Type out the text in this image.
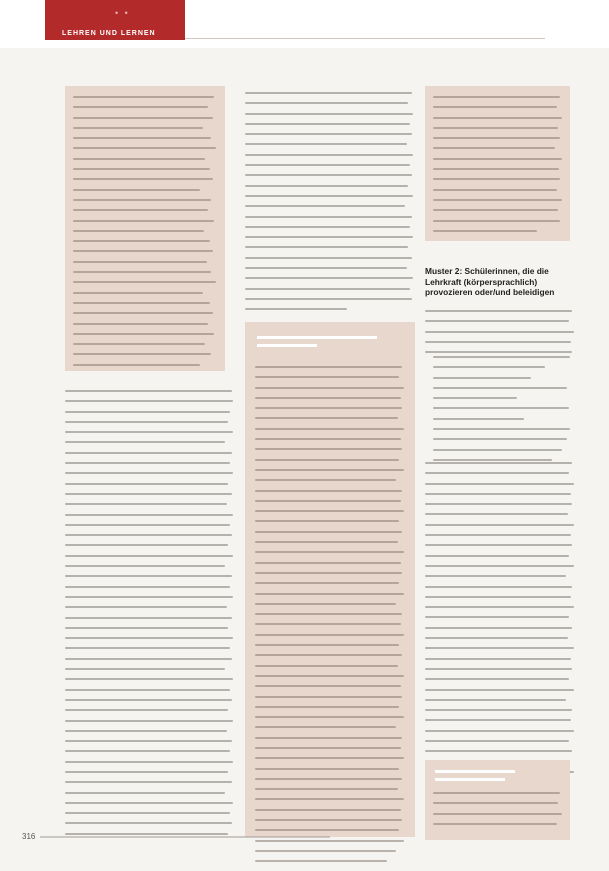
• •
LEHREN UND LERNEN
Muster 2: Schülerinnen, die die Lehrkraft (körpersprachlich) provozieren oder/und beleidigen
316
